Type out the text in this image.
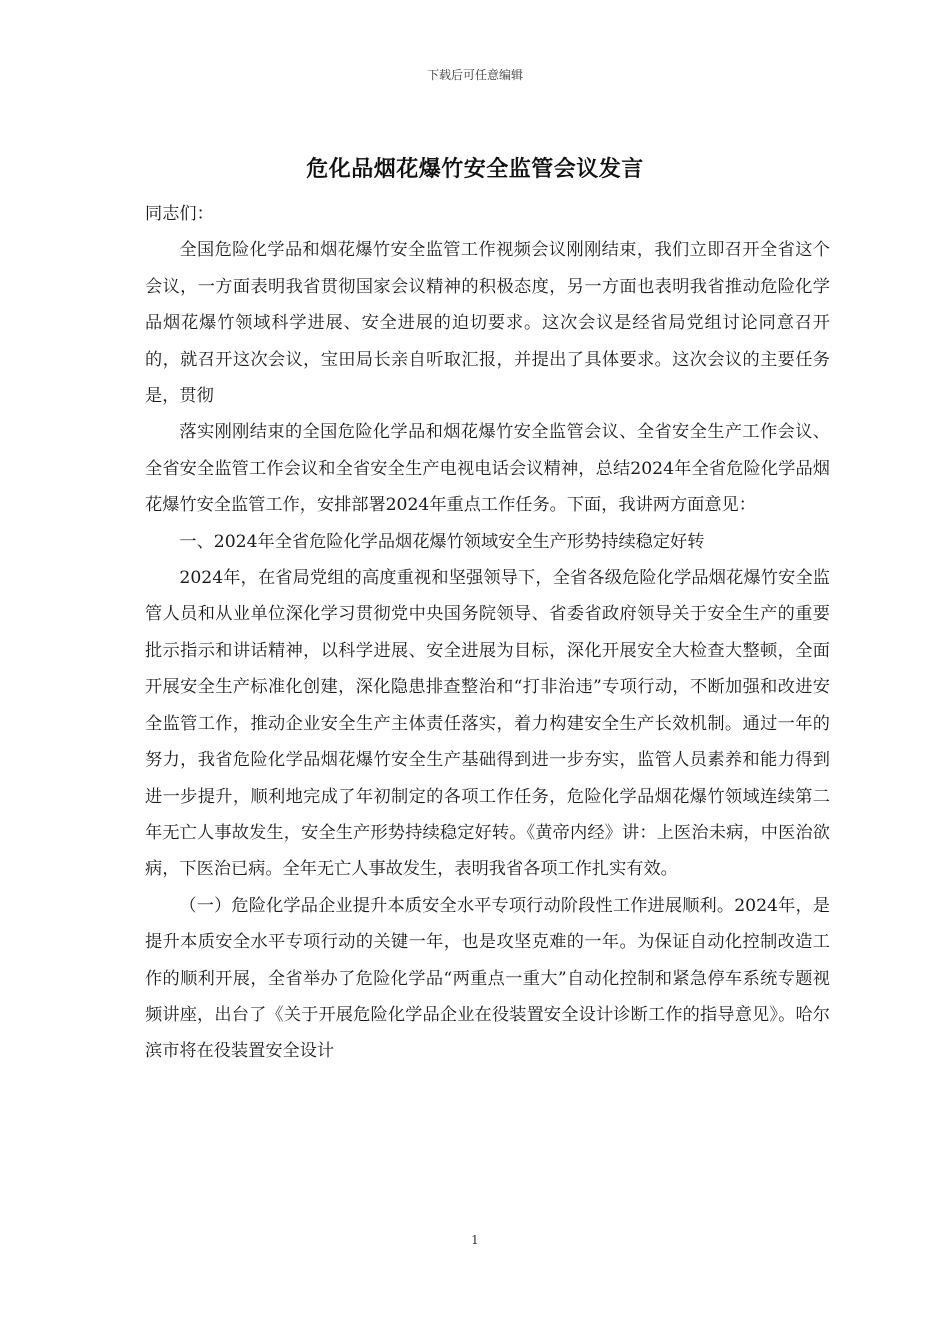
下载后可任意编辑
危化品烟花爆竹安全监管会议发言

同志们：

全国危险化学品和烟花爆竹安全监管工作视频会议刚刚结束，我们立即召开全省这个会议，一方面表明我省贯彻国家会议精神的积极态度，另一方面也表明我省推动危险化学品烟花爆竹领域科学进展、安全进展的迫切要求。这次会议是经省局党组讨论同意召开的，就召开这次会议，宝田局长亲自听取汇报，并提出了具体要求。这次会议的主要任务是，贯彻

落实刚刚结束的全国危险化学品和烟花爆竹安全监管会议、全省安全生产工作会议、全省安全监管工作会议和全省安全生产电视电话会议精神，总结2024年全省危险化学品烟花爆竹安全监管工作，安排部署2024年重点工作任务。下面，我讲两方面意见：

一、2024年全省危险化学品烟花爆竹领域安全生产形势持续稳定好转

2024年，在省局党组的高度重视和坚强领导下，全省各级危险化学品烟花爆竹安全监管人员和从业单位深化学习贯彻党中央国务院领导、省委省政府领导关于安全生产的重要批示指示和讲话精神，以科学进展、安全进展为目标，深化开展安全大检查大整顿，全面开展安全生产标准化创建，深化隐患排查整治和“打非治违”专项行动，不断加强和改进安全监管工作，推动企业安全生产主体责任落实，着力构建安全生产长效机制。通过一年的努力，我省危险化学品烟花爆竹安全生产基础得到进一步夯实，监管人员素养和能力得到进一步提升，顺利地完成了年初制定的各项工作任务，危险化学品烟花爆竹领域连续第二年无亡人事故发生，安全生产形势持续稳定好转。《黄帝内经》讲：上医治未病，中医治欲病，下医治已病。全年无亡人事故发生，表明我省各项工作扎实有效。

（一）危险化学品企业提升本质安全水平专项行动阶段性工作进展顺利。2024年，是提升本质安全水平专项行动的关键一年，也是攻坚克难的一年。为保证自动化控制改造工作的顺利开展，全省举办了危险化学品“两重点一重大”自动化控制和紧急停车系统专题视频讲座，出台了《关于开展危险化学品企业在役装置安全设计诊断工作的指导意见》。哈尔滨市将在役装置安全设计

1
